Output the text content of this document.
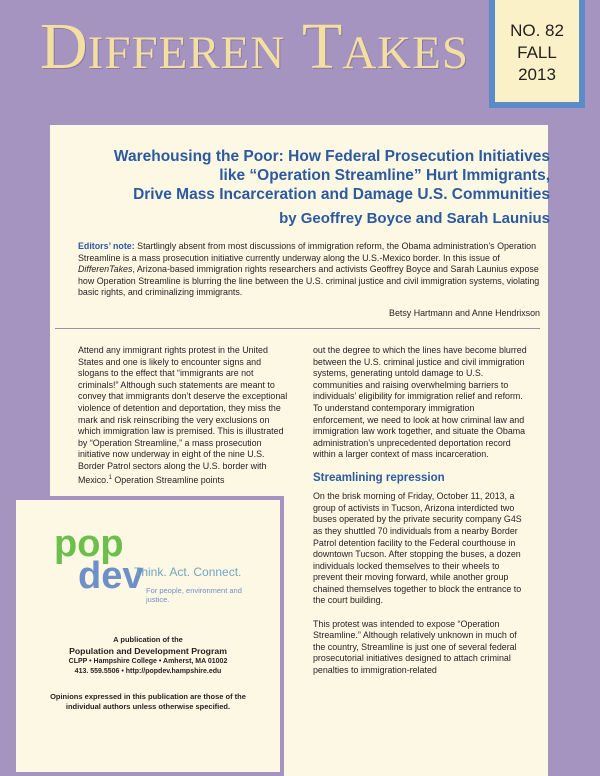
DIFFEREN TAKES	NO. 82
FALL
2013
Warehousing the Poor: How Federal Prosecution Initiatives
like “Operation Streamline” Hurt Immigrants,
Drive Mass Incarceration and Damage U.S. Communities
by Geoffrey Boyce and Sarah Launius
Editors’ note: Startlingly absent from most discussions of immigration reform, the Obama administration’s Operation Streamline is a mass prosecution initiative currently underway along the U.S.-Mexico border. In this issue of DifferenTakes, Arizona-based immigration rights researchers and activists Geoffrey Boyce and Sarah Launius expose how Operation Streamline is blurring the line between the U.S. criminal justice and civil immigration systems, violating basic rights, and criminalizing immigrants.
Betsy Hartmann and Anne Hendrixson

Attend any immigrant rights protest in the United States and one is likely to encounter signs and slogans to the effect that “immigrants are not criminals!” Although such statements are meant to convey that immigrants don’t deserve the exceptional violence of detention and deportation, they miss the mark and risk reinscribing the very exclusions on which immigration law is premised. This is illustrated by “Operation Streamline,” a mass prosecution initiative now underway in eight of the nine U.S. Border Patrol sectors along the U.S. border with Mexico.$^1$ Operation Streamline points

out the degree to which the lines have become blurred between the U.S. criminal justice and civil immigration systems, generating untold damage to U.S. communities and raising overwhelming barriers to individuals’ eligibility for immigration relief and reform. To understand contemporary immigration enforcement, we need to look at how criminal law and immigration law work together, and situate the Obama administration’s unprecedented deportation record within a larger context of mass incarceration.

Streamlining repression

On the brisk morning of Friday, October 11, 2013, a group of activists in Tucson, Arizona interdicted two buses operated by the private security company G4S as they shuttled 70 individuals from a nearby Border Patrol detention facility to the Federal courthouse in downtown Tucson. After stopping the buses, a dozen individuals locked themselves to their wheels to prevent their moving forward, while another group chained themselves together to block the entrance to the court building.

This protest was intended to expose “Operation Streamline.” Although relatively unknown in much of the country, Streamline is just one of several federal prosecutorial initiatives designed to attach criminal penalties to immigration-related

pop
dev
Think. Act. Connect.
For people, environment and justice.
A publication of the
Population and Development Program
CLPP • Hampshire College • Amherst, MA 01002
413. 559.5506 • http://popdev.hampshire.edu
Opinions expressed in this publication are those of the individual authors unless otherwise specified.
